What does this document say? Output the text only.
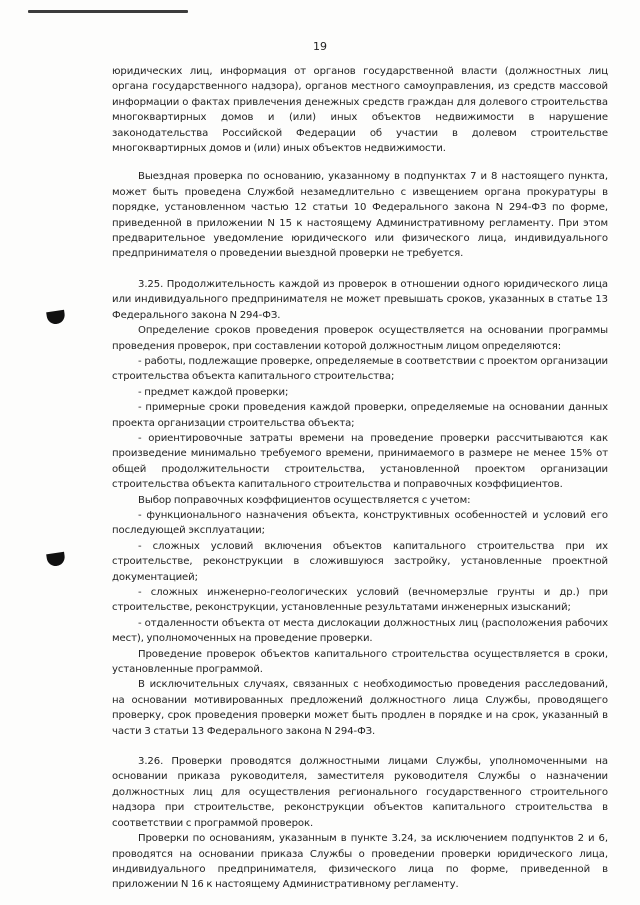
19

юридических лиц, информация от органов государственной власти (должностных лиц органа государственного надзора), органов местного самоуправления, из средств массовой информации о фактах привлечения денежных средств граждан для долевого строительства многоквартирных домов и (или) иных объектов недвижимости в нарушение законодательства Российской Федерации об участии в долевом строительстве многоквартирных домов и (или) иных объектов недвижимости.

Выездная проверка по основанию, указанному в подпунктах 7 и 8 настоящего пункта, может быть проведена Службой незамедлительно с извещением органа прокуратуры в порядке, установленном частью 12 статьи 10 Федерального закона N 294-ФЗ по форме, приведенной в приложении N 15 к настоящему Административному регламенту. При этом предварительное уведомление юридического или физического лица, индивидуального предпринимателя о проведении выездной проверки не требуется.

3.25. Продолжительность каждой из проверок в отношении одного юридического лица или индивидуального предпринимателя не может превышать сроков, указанных в статье 13 Федерального закона N 294-ФЗ.

Определение сроков проведения проверок осуществляется на основании программы проведения проверок, при составлении которой должностным лицом определяются:

- работы, подлежащие проверке, определяемые в соответствии с проектом организации строительства объекта капитального строительства;

- предмет каждой проверки;

- примерные сроки проведения каждой проверки, определяемые на основании данных проекта организации строительства объекта;

- ориентировочные затраты времени на проведение проверки рассчитываются как произведение минимально требуемого времени, принимаемого в размере не менее 15% от общей продолжительности строительства, установленной проектом организации строительства объекта капитального строительства и поправочных коэффициентов.

Выбор поправочных коэффициентов осуществляется с учетом:

- функционального назначения объекта, конструктивных особенностей и условий его последующей эксплуатации;

- сложных условий включения объектов капитального строительства при их строительстве, реконструкции в сложившуюся застройку, установленные проектной документацией;

- сложных инженерно-геологических условий (вечномерзлые грунты и др.) при строительстве, реконструкции, установленные результатами инженерных изысканий;

- отдаленности объекта от места дислокации должностных лиц (расположения рабочих мест), уполномоченных на проведение проверки.

Проведение проверок объектов капитального строительства осуществляется в сроки, установленные программой.

В исключительных случаях, связанных с необходимостью проведения расследований, на основании мотивированных предложений должностного лица Службы, проводящего проверку, срок проведения проверки может быть продлен в порядке и на срок, указанный в части 3 статьи 13 Федерального закона N 294-ФЗ.

3.26. Проверки проводятся должностными лицами Службы, уполномоченными на основании приказа руководителя, заместителя руководителя Службы о назначении должностных лиц для осуществления регионального государственного строительного надзора при строительстве, реконструкции объектов капитального строительства в соответствии с программой проверок.

Проверки по основаниям, указанным в пункте 3.24, за исключением подпунктов 2 и 6, проводятся на основании приказа Службы о проведении проверки юридического лица, индивидуального предпринимателя, физического лица по форме, приведенной в приложении N 16 к настоящему Административному регламенту.
